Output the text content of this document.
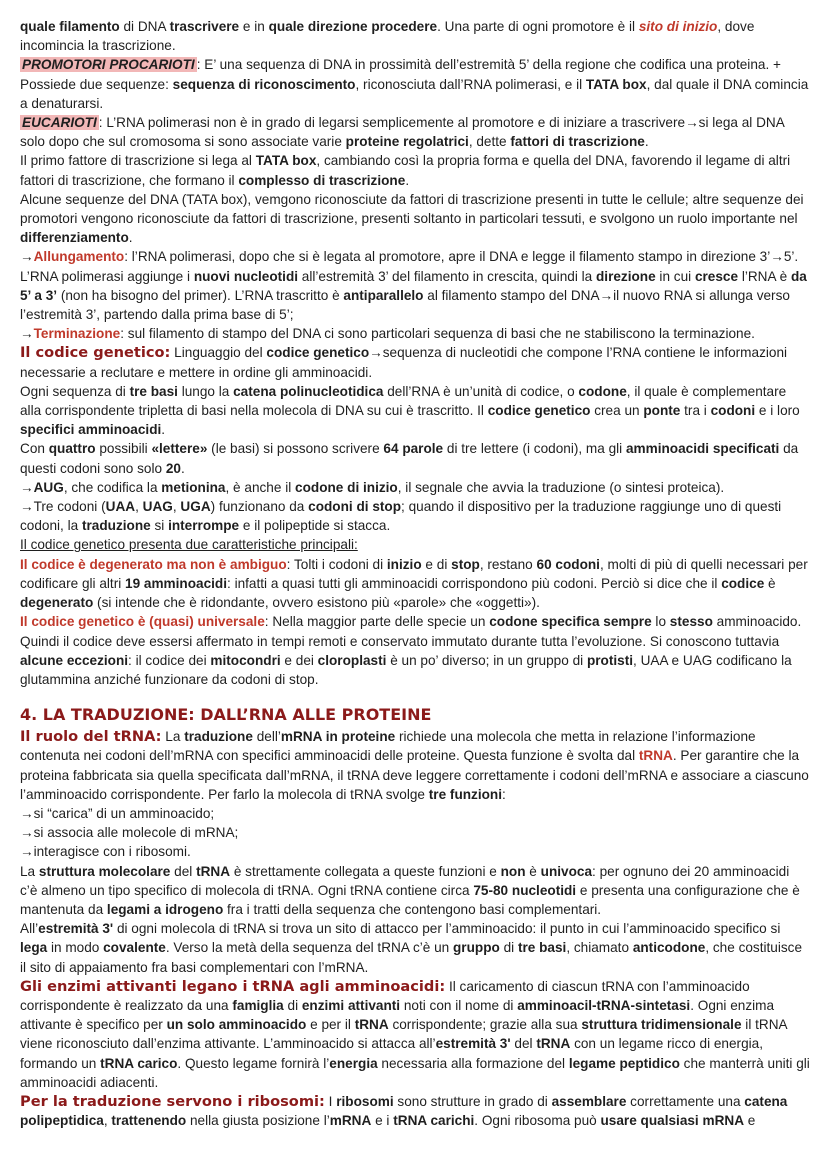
quale filamento di DNA trascrivere e in quale direzione procedere. Una parte di ogni promotore è il sito di inizio, dove incomincia la trascrizione.

PROMOTORI PROCARIOTI : E’ una sequenza di DNA in prossimità dell’estremità 5’ della regione che codifica una proteina. + Possiede due sequenze: sequenza di riconoscimento, riconosciuta dall’RNA polimerasi, e il TATA box, dal quale il DNA comincia a denaturarsi.

EUCARIOTI : L’RNA polimerasi non è in grado di legarsi semplicemente al promotore e di iniziare a trascrivere→si lega al DNA solo dopo che sul cromosoma si sono associate varie proteine regolatrici, dette fattori di trascrizione.

Il primo fattore di trascrizione si lega al TATA box, cambiando così la propria forma e quella del DNA, favorendo il legame di altri fattori di trascrizione, che formano il complesso di trascrizione.

Alcune sequenze del DNA (TATA box), vemgono riconosciute da fattori di trascrizione presenti in tutte le cellule; altre sequenze dei promotori vengono riconosciute da fattori di trascrizione, presenti soltanto in particolari tessuti, e svolgono un ruolo importante nel differenziamento.

→Allungamento: l’RNA polimerasi, dopo che si è legata al promotore, apre il DNA e legge il filamento stampo in direzione 3’→5’. L’RNA polimerasi aggiunge i nuovi nucleotidi all’estremità 3’ del filamento in crescita, quindi la direzione in cui cresce l’RNA è da 5’ a 3’ (non ha bisogno del primer). L’RNA trascritto è antiparallelo al filamento stampo del DNA→il nuovo RNA si allunga verso l’estremità 3’, partendo dalla prima base di 5’;

→Terminazione: sul filamento di stampo del DNA ci sono particolari sequenza di basi che ne stabiliscono la terminazione.

Il codice genetico: Linguaggio del codice genetico→sequenza di nucleotidi che compone l’RNA contiene le informazioni necessarie a reclutare e mettere in ordine gli amminoacidi.

Ogni sequenza di tre basi lungo la catena polinucleotidica dell’RNA è un’unità di codice, o codone, il quale è complementare alla corrispondente tripletta di basi nella molecola di DNA su cui è trascritto. Il codice genetico crea un ponte tra i codoni e i loro specifici amminoacidi.

Con quattro possibili «lettere» (le basi) si possono scrivere 64 parole di tre lettere (i codoni), ma gli amminoacidi specificati da questi codoni sono solo 20.

→AUG, che codifica la metionina, è anche il codone di inizio, il segnale che avvia la traduzione (o sintesi proteica).

→Tre codoni (UAA, UAG, UGA) funzionano da codoni di stop; quando il dispositivo per la traduzione raggiunge uno di questi codoni, la traduzione si interrompe e il polipeptide si stacca.

Il codice genetico presenta due caratteristiche principali:

Il codice è degenerato ma non è ambiguo: Tolti i codoni di inizio e di stop, restano 60 codoni, molti di più di quelli necessari per codificare gli altri 19 amminoacidi: infatti a quasi tutti gli amminoacidi corrispondono più codoni. Perciò si dice che il codice è degenerato (si intende che è ridondante, ovvero esistono più «parole» che «oggetti»).

Il codice genetico è (quasi) universale: Nella maggior parte delle specie un codone specifica sempre lo stesso amminoacido. Quindi il codice deve essersi affermato in tempi remoti e conservato immutato durante tutta l’evoluzione. Si conoscono tuttavia alcune eccezioni: il codice dei mitocondri e dei cloroplasti è un po’ diverso; in un gruppo di protisti, UAA e UAG codificano la glutammina anziché funzionare da codoni di stop.

4. LA TRADUZIONE: DALL’RNA ALLE PROTEINE

Il ruolo del tRNA: La traduzione dell’mRNA in proteine richiede una molecola che metta in relazione l’informazione contenuta nei codoni dell’mRNA con specifici amminoacidi delle proteine. Questa funzione è svolta dal tRNA. Per garantire che la proteina fabbricata sia quella specificata dall’mRNA, il tRNA deve leggere correttamente i codoni dell’mRNA e associare a ciascuno l’amminoacido corrispondente. Per farlo la molecola di tRNA svolge tre funzioni:

→si “carica” di un amminoacido;

→si associa alle molecole di mRNA;

→interagisce con i ribosomi.

La struttura molecolare del tRNA è strettamente collegata a queste funzioni e non è univoca: per ognuno dei 20 amminoacidi c’è almeno un tipo specifico di molecola di tRNA. Ogni tRNA contiene circa 75-80 nucleotidi e presenta una configurazione che è mantenuta da legami a idrogeno fra i tratti della sequenza che contengono basi complementari.

All’estremità 3' di ogni molecola di tRNA si trova un sito di attacco per l’amminoacido: il punto in cui l’amminoacido specifico si lega in modo covalente. Verso la metà della sequenza del tRNA c’è un gruppo di tre basi, chiamato anticodone, che costituisce il sito di appaiamento fra basi complementari con l’mRNA.

Gli enzimi attivanti legano i tRNA agli amminoacidi: Il caricamento di ciascun tRNA con l’amminoacido corrispondente è realizzato da una famiglia di enzimi attivanti noti con il nome di amminoacil-tRNA-sintetasi. Ogni enzima attivante è specifico per un solo amminoacido e per il tRNA corrispondente; grazie alla sua struttura tridimensionale il tRNA viene riconosciuto dall’enzima attivante. L’amminoacido si attacca all’estremità 3' del tRNA con un legame ricco di energia, formando un tRNA carico. Questo legame fornirà l’energia necessaria alla formazione del legame peptidico che manterrà uniti gli amminoacidi adiacenti.

Per la traduzione servono i ribosomi: I ribosomi sono strutture in grado di assemblare correttamente una catena polipeptidica, trattenendo nella giusta posizione l’mRNA e i tRNA carichi. Ogni ribosoma può usare qualsiasi mRNA e
